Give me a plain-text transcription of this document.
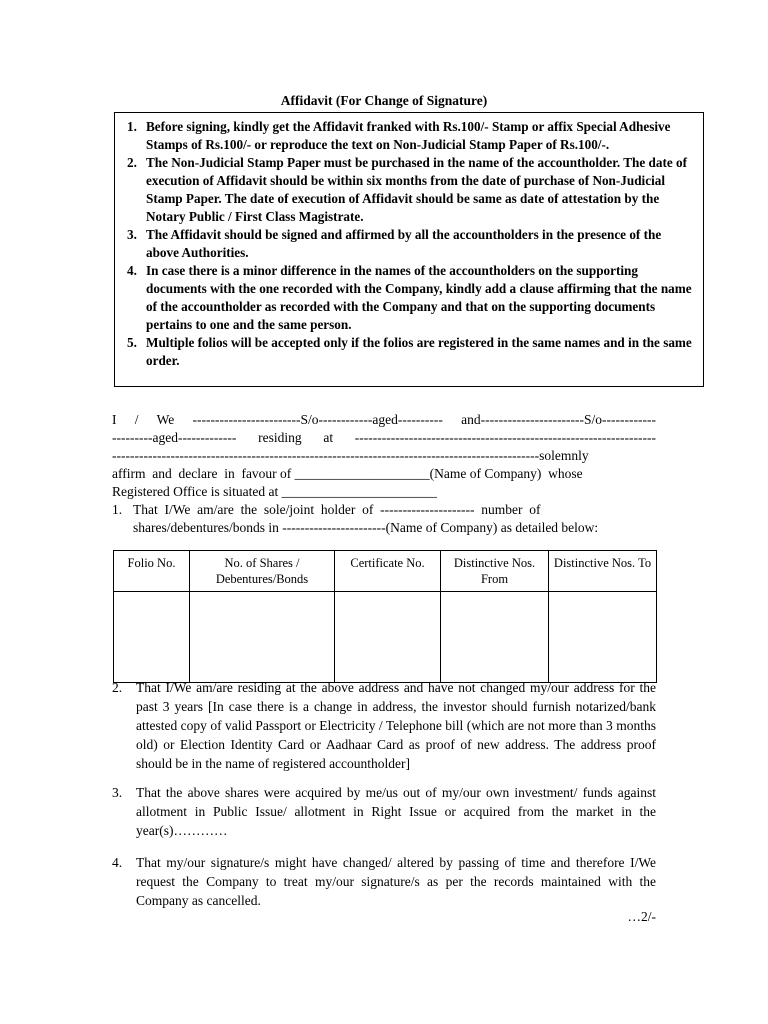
Affidavit (For Change of Signature)
1. Before signing, kindly get the Affidavit franked with Rs.100/- Stamp or affix Special Adhesive Stamps of Rs.100/- or reproduce the text on Non-Judicial Stamp Paper of Rs.100/-.
2. The Non-Judicial Stamp Paper must be purchased in the name of the accountholder. The date of execution of Affidavit should be within six months from the date of purchase of Non-Judicial Stamp Paper. The date of execution of Affidavit should be same as date of attestation by the Notary Public / First Class Magistrate.
3. The Affidavit should be signed and affirmed by all the accountholders in the presence of the above Authorities.
4. In case there is a minor difference in the names of the accountholders on the supporting documents with the one recorded with the Company, kindly add a clause affirming that the name of the accountholder as recorded with the Company and that on the supporting documents pertains to one and the same person.
5. Multiple folios will be accepted only if the folios are registered in the same names and in the same order.
I / We ------------------------S/o------------aged---------- and-----------------------S/o------------
---------aged------------- residing at -------------------------------------------------------------------
-----------------------------------------------------------------------------------------------solemnly
affirm  and  declare  in  favour of ____________________(Name of Company)  whose
Registered Office is situated at _______________________
1. That  I/We  am/are  the  sole/joint  holder  of  ---------------------  number  of
shares/debentures/bonds in -----------------------(Name of Company) as detailed below:
Folio No.	No. of Shares / Debentures/Bonds	Certificate No.	Distinctive Nos. From	Distinctive Nos. To

2. That I/We am/are residing at the above address and have not changed my/our address for the past 3 years [In case there is a change in address, the investor should furnish notarized/bank attested copy of valid Passport or Electricity / Telephone bill (which are not more than 3 months old) or Election Identity Card or Aadhaar Card as proof of new address. The address proof should be in the name of registered accountholder]
3. That the above shares were acquired by me/us out of my/our own investment/ funds against allotment in Public Issue/ allotment in Right Issue or acquired from the market in the year(s)…………
4. That my/our signature/s might have changed/ altered by passing of time and therefore I/We request the Company to treat my/our signature/s as per the records maintained with the Company as cancelled.
…2/-
